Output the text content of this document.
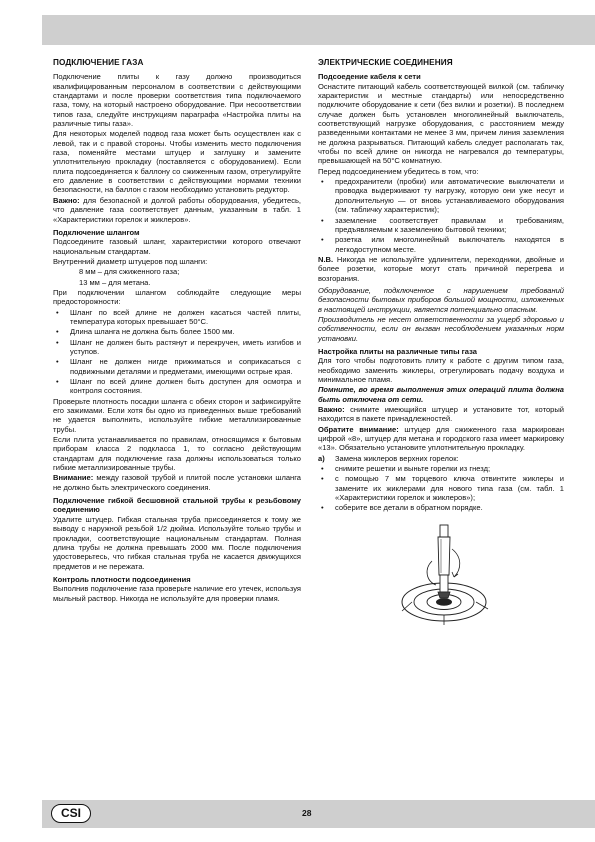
ПОДКЛЮЧЕНИЕ ГАЗА

Подключение плиты к газу должно производиться квалифицированным персоналом в соответствии с действующими стандартами и после проверки соответствия типа подключаемого газа, тому, на который настроено оборудование. При несоответствии типов газа, следуйте инструкциям параграфа «Настройка плиты на различные типы газа».

Для некоторых моделей подвод газа может быть осуществлен как с левой, так и с правой стороны. Чтобы изменить место подключения газа, поменяйте местами штуцер и заглушку и замените уплотнительную прокладку (поставляется с оборудованием). Если плита подсоединяется к баллону со сжиженным газом, отрегулируйте его давление в соответствии с действующими нормами техники безопасности, на баллон с газом необходимо установить редуктор.

Важно: для безопасной и долгой работы оборудования, убедитесь, что давление газа соответствует данным, указанным в табл. 1 «Характеристики горелок и жиклеров».

Подключение шлангом

Подсоедините газовый шланг, характеристики которого отвечают национальным стандартам.

Внутренний диаметр штуцеров под шланги:

8 мм – для сжиженного газа;

13 мм – для метана.

При подключении шлангом соблюдайте следующие меры предосторожности:

• Шланг по всей длине не должен касаться частей плиты, температура которых превышает 50°С.
• Длина шланга не должна быть более 1500 мм.
• Шланг не должен быть растянут и перекручен, иметь изгибов и уступов.
• Шланг не должен нигде прижиматься и соприкасаться с подвижными деталями и предметами, имеющими острые края.
• Шланг по всей длине должен быть доступен для осмотра и контроля состояния.

Проверьте плотность посадки шланга с обеих сторон и зафиксируйте его зажимами. Если хотя бы одно из приведенных выше требований не удается выполнить, используйте гибкие металлизированные трубы.

Если плита устанавливается по правилам, относящимся к бытовым приборам класса 2 подкласса 1, то согласно действующим стандартам для подключение газа должны использоваться только гибкие металлизированные трубы.

Внимание: между газовой трубой и плитой после установки шланга не должно быть электрического соединения.

Подключение гибкой бесшовной стальной трубы к резьбовому соединению

Удалите штуцер. Гибкая стальная труба присоединяется к тому же выводу с наружной резьбой 1/2 дюйма. Используйте только трубы и прокладки, соответствующие национальным стандартам. Полная длина трубы не должна превышать 2000 мм. После подключения удостоверьтесь, что гибкая стальная труба не касается движущихся предметов и не пережата.

Контроль плотности подсоединения

Выполнив подключение газа проверьте наличие его утечек, используя мыльный раствор. Никогда не используйте для проверки пламя.

ЭЛЕКТРИЧЕСКИЕ СОЕДИНЕНИЯ
Подсоедение кабеля к сети

Оснастите питающий кабель соответствующей вилкой (см. табличку характеристик и местные стандарты) или непосредственно подключите оборудование к сети (без вилки и розетки). В последнем случае должен быть установлен многолинейный выключатель, соответствующий нагрузке оборудования, с расстоянием между разведенными контактами не менее 3 мм, причем линия заземления не должна разрываться. Питающий кабель следует располагать так, чтобы по всей длине он никогда не нагревался до температуры, превышающей на 50°С комнатную.

Перед подсоединением убедитесь в том, что:

• предохранители (пробки) или автоматические выключатели и проводка выдерживают ту нагрузку, которую они уже несут и дополнительную — от вновь устанавливаемого оборудования (см. табличку характеристик);
• заземление соответствует правилам и требованиям, предъявляемым к заземлению бытовой техники;
• розетка или многолинейный выключатель находятся в легкодоступном месте.

N.B. Никогда не используйте удлинители, переходники, двойные и более розетки, которые могут стать причиной перегрева и возгорания.

Оборудование, подключенное с нарушением требований безопасности бытовых приборов большой мощности, изложенных в настоящей инструкции, является потенциально опасным.

Производитель не несет ответственности за ущерб здоровью и собственности, если он вызван несоблюдением указанных норм установки.

Настройка плиты на различные типы газа

Для того чтобы подготовить плиту к работе с другим типом газа, необходимо заменить жиклеры, отрегулировать подачу воздуха и минимальное пламя.

Помните, во время выполнения этих операций плита должна быть отключена от сети.

Важно: снимите имеющийся штуцер и установите тот, который находится в пакете принадлежностей.

Обратите внимание: штуцер для сжиженного газа маркирован цифрой «8», штуцер для метана и городского газа имеет маркировку «13». Обязательно установите уплотнительную прокладку.

a) Замена жиклеров верхних горелок:

• снимите решетки и выньте горелки из гнезд;
• с помощью 7 мм торцевого ключа отвинтите жиклеры и замените их жиклерами для нового типа газа (см. табл. 1 «Характеристики горелок и жиклеров»);
• соберите все детали в обратном порядке.
CSI	28
